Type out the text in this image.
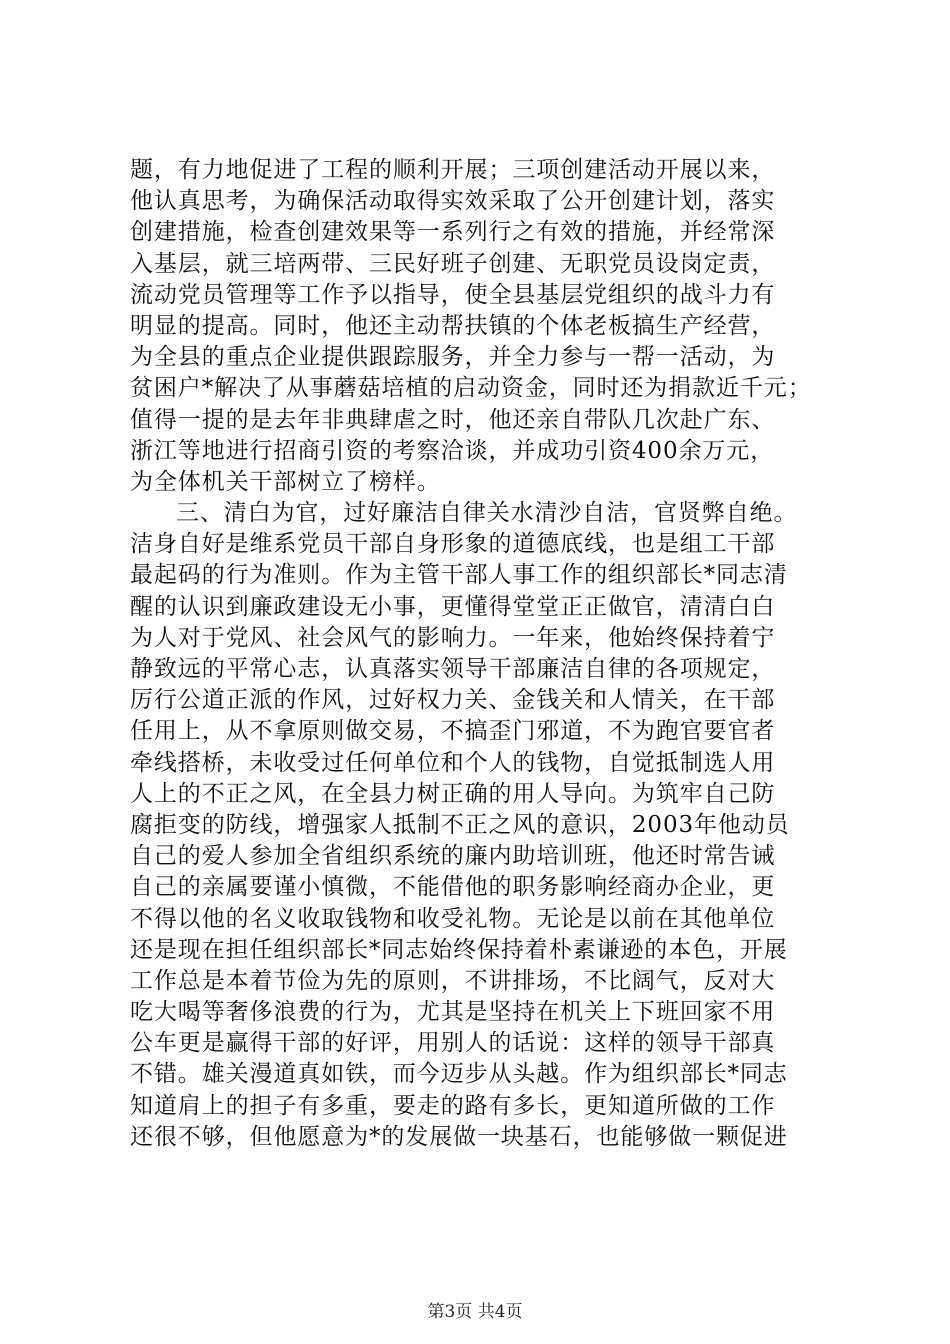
题，有力地促进了工程的顺利开展；三项创建活动开展以来，
他认真思考，为确保活动取得实效采取了公开创建计划，落实
创建措施，检查创建效果等一系列行之有效的措施，并经常深
入基层，就三培两带、三民好班子创建、无职党员设岗定责，
流动党员管理等工作予以指导，使全县基层党组织的战斗力有
明显的提高。同时，他还主动帮扶镇的个体老板搞生产经营，
为全县的重点企业提供跟踪服务，并全力参与一帮一活动，为
贫困户*解决了从事蘑菇培植的启动资金，同时还为捐款近千元；
值得一提的是去年非典肆虐之时，他还亲自带队几次赴广东、
浙江等地进行招商引资的考察洽谈，并成功引资400余万元，
为全体机关干部树立了榜样。
三、清白为官，过好廉洁自律关水清沙自洁，官贤弊自绝。
洁身自好是维系党员干部自身形象的道德底线，也是组工干部
最起码的行为准则。作为主管干部人事工作的组织部长*同志清
醒的认识到廉政建设无小事，更懂得堂堂正正做官，清清白白
为人对于党风、社会风气的影响力。一年来，他始终保持着宁
静致远的平常心志，认真落实领导干部廉洁自律的各项规定，
厉行公道正派的作风，过好权力关、金钱关和人情关，在干部
任用上，从不拿原则做交易，不搞歪门邪道，不为跑官要官者
牵线搭桥，未收受过任何单位和个人的钱物，自觉抵制选人用
人上的不正之风，在全县力树正确的用人导向。为筑牢自己防
腐拒变的防线，增强家人抵制不正之风的意识，2003年他动员
自己的爱人参加全省组织系统的廉内助培训班，他还时常告诫
自己的亲属要谨小慎微，不能借他的职务影响经商办企业，更
不得以他的名义收取钱物和收受礼物。无论是以前在其他单位
还是现在担任组织部长*同志始终保持着朴素谦逊的本色，开展
工作总是本着节俭为先的原则，不讲排场，不比阔气，反对大
吃大喝等奢侈浪费的行为，尤其是坚持在机关上下班回家不用
公车更是赢得干部的好评，用别人的话说：这样的领导干部真
不错。雄关漫道真如铁，而今迈步从头越。作为组织部长*同志
知道肩上的担子有多重，要走的路有多长，更知道所做的工作
还很不够，但他愿意为*的发展做一块基石，也能够做一颗促进
第3页 共4页
